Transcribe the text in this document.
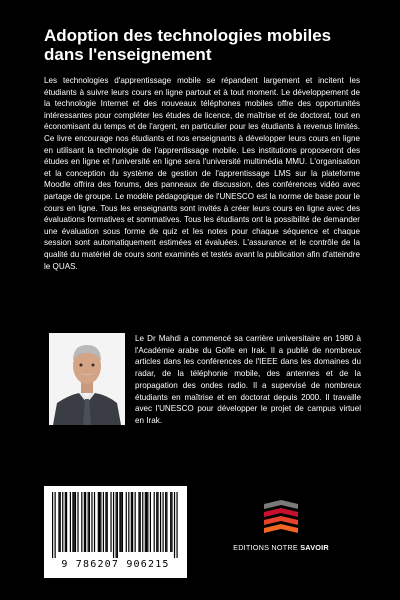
Adoption des technologies mobiles dans l'enseignement

Les technologies d'apprentissage mobile se répandent largement et incitent les étudiants à suivre leurs cours en ligne partout et à tout moment. Le développement de la technologie Internet et des nouveaux téléphones mobiles offre des opportunités intéressantes pour compléter les études de licence, de maîtrise et de doctorat, tout en économisant du temps et de l'argent, en particulier pour les étudiants à revenus limités. Ce livre encourage nos étudiants et nos enseignants à développer leurs cours en ligne en utilisant la technologie de l'apprentissage mobile. Les institutions proposeront des études en ligne et l'université en ligne sera l'université multimédia MMU. L'organisation et la conception du système de gestion de l'apprentissage LMS sur la plateforme Moodle offrira des forums, des panneaux de discussion, des conférences vidéo avec partage de groupe. Le modèle pédagogique de l'UNESCO est la norme de base pour le cours en ligne. Tous les enseignants sont invités à créer leurs cours en ligne avec des évaluations formatives et sommatives. Tous les étudiants ont la possibilité de demander une évaluation sous forme de quiz et les notes pour chaque séquence et chaque session sont automatiquement estimées et évaluées. L'assurance et le contrôle de la qualité du matériel de cours sont examinés et testés avant la publication afin d'atteindre le QUAS.

Le Dr Mahdi a commencé sa carrière universitaire en 1980 à l'Académie arabe du Golfe en Irak. Il a publié de nombreux articles dans les conférences de l'IEEE dans les domaines du radar, de la téléphonie mobile, des antennes et de la propagation des ondes radio. Il a supervisé de nombreux étudiants en maîtrise et en doctorat depuis 2000. Il travaille avec l'UNESCO pour développer le projet de campus virtuel en Irak.

9 786207 906215
EDITIONS NOTRE SAVOIR
